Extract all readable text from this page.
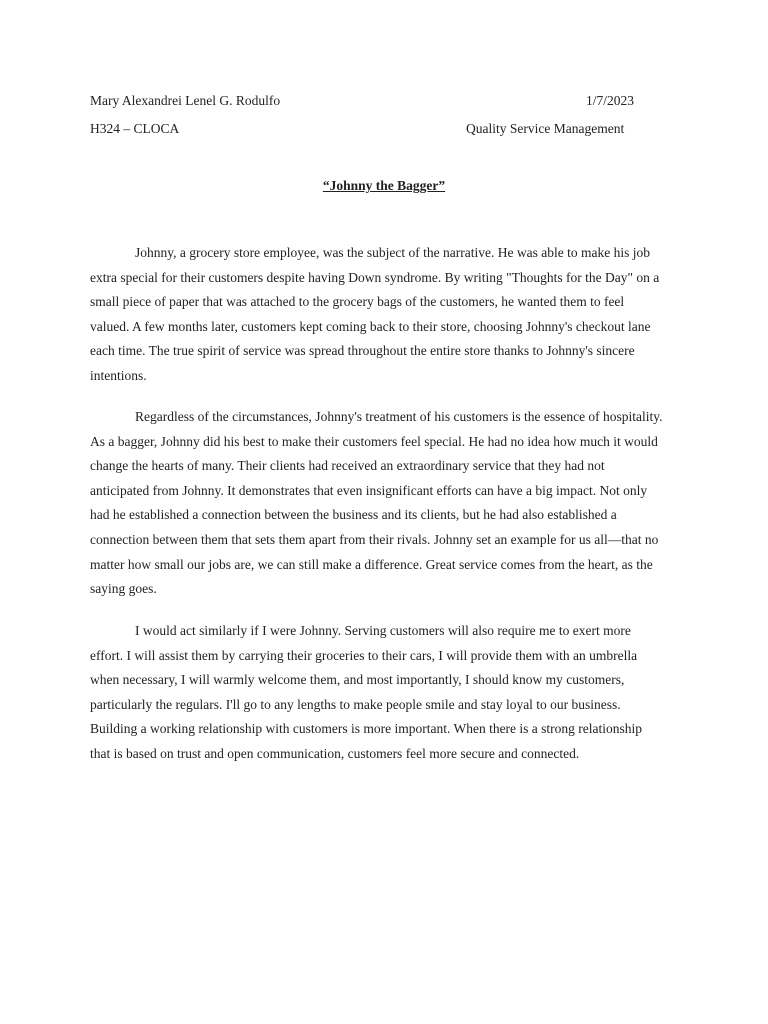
Mary Alexandrei Lenel G. Rodulfo	1/7/2023
H324 – CLOCA	Quality Service Management
“Johnny the Bagger”
Johnny, a grocery store employee, was the subject of the narrative. He was able to make his job
extra special for their customers despite having Down syndrome. By writing "Thoughts for the Day" on a
small piece of paper that was attached to the grocery bags of the customers, he wanted them to feel
valued. A few months later, customers kept coming back to their store, choosing Johnny's checkout lane
each time. The true spirit of service was spread throughout the entire store thanks to Johnny's sincere
intentions.
Regardless of the circumstances, Johnny's treatment of his customers is the essence of hospitality.
As a bagger, Johnny did his best to make their customers feel special. He had no idea how much it would
change the hearts of many. Their clients had received an extraordinary service that they had not
anticipated from Johnny. It demonstrates that even insignificant efforts can have a big impact. Not only
had he established a connection between the business and its clients, but he had also established a
connection between them that sets them apart from their rivals. Johnny set an example for us all—that no
matter how small our jobs are, we can still make a difference. Great service comes from the heart, as the
saying goes.
I would act similarly if I were Johnny. Serving customers will also require me to exert more
effort. I will assist them by carrying their groceries to their cars, I will provide them with an umbrella
when necessary, I will warmly welcome them, and most importantly, I should know my customers,
particularly the regulars. I'll go to any lengths to make people smile and stay loyal to our business.
Building a working relationship with customers is more important. When there is a strong relationship
that is based on trust and open communication, customers feel more secure and connected.
